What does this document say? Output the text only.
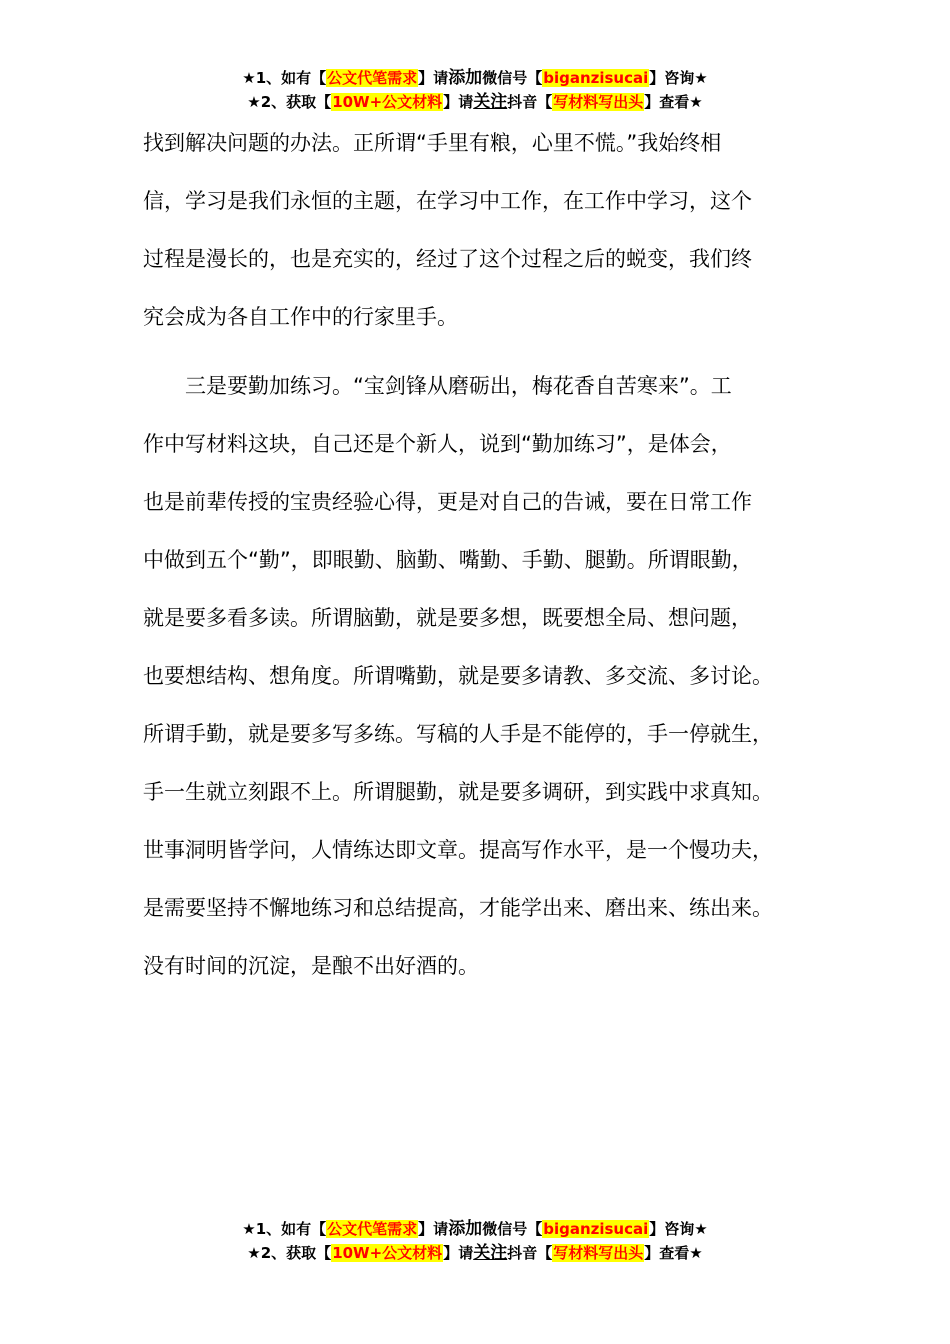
★1、如有【公文代笔需求】请添加微信号【biganzisucai】咨询★
★2、获取【10W+公文材料】请关注抖音【写材料写出头】查看★
找到解决问题的办法。正所谓“手里有粮，心里不慌。”我始终相
信，学习是我们永恒的主题，在学习中工作，在工作中学习，这个
过程是漫长的，也是充实的，经过了这个过程之后的蜕变，我们终
究会成为各自工作中的行家里手。
　　三是要勤加练习。“宝剑锋从磨砺出，梅花香自苦寒来”。工
作中写材料这块，自己还是个新人，说到“勤加练习”，是体会，
也是前辈传授的宝贵经验心得，更是对自己的告诫，要在日常工作
中做到五个“勤”，即眼勤、脑勤、嘴勤、手勤、腿勤。所谓眼勤，
就是要多看多读。所谓脑勤，就是要多想，既要想全局、想问题，
也要想结构、想角度。所谓嘴勤，就是要多请教、多交流、多讨论。
所谓手勤，就是要多写多练。写稿的人手是不能停的，手一停就生，
手一生就立刻跟不上。所谓腿勤，就是要多调研，到实践中求真知。
世事洞明皆学问，人情练达即文章。提高写作水平，是一个慢功夫，
是需要坚持不懈地练习和总结提高，才能学出来、磨出来、练出来。
没有时间的沉淀，是酿不出好酒的。
★1、如有【公文代笔需求】请添加微信号【biganzisucai】咨询★
★2、获取【10W+公文材料】请关注抖音【写材料写出头】查看★
